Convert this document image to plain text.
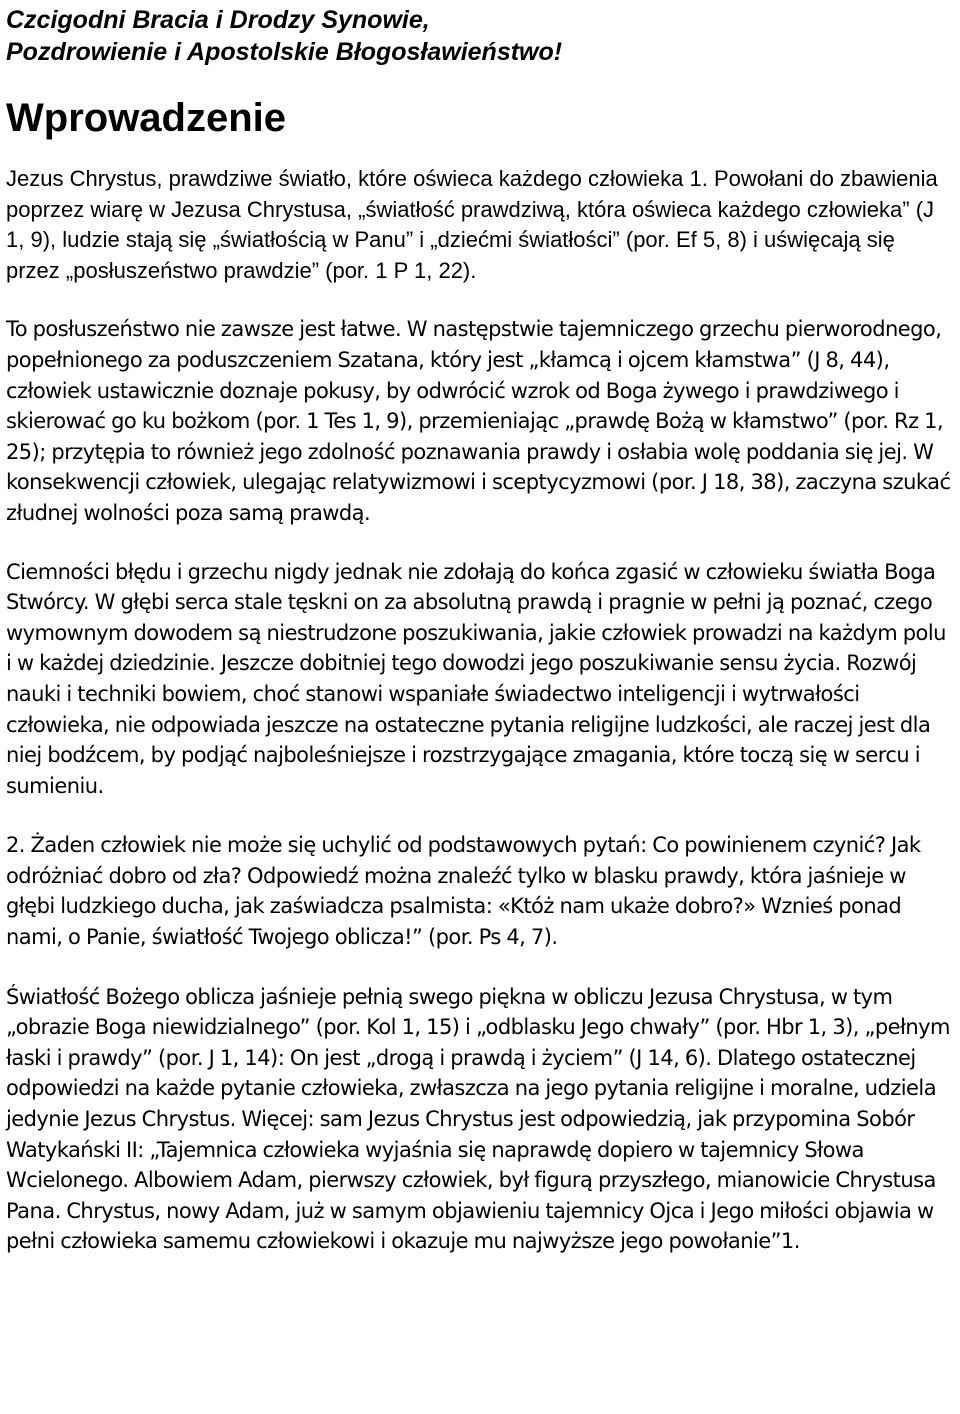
Czcigodni Bracia i Drodzy Synowie,
Pozdrowienie i Apostolskie Błogosławieństwo!

Wprowadzenie

Jezus Chrystus, prawdziwe światło, które oświeca każdego człowieka 1. Powołani do zbawienia poprzez wiarę w Jezusa Chrystusa, „światłość prawdziwą, która oświeca każdego człowieka” (J 1, 9), ludzie stają się „światłością w Panu” i „dziećmi światłości” (por. Ef 5, 8) i uświęcają się przez „posłuszeństwo prawdzie” (por. 1 P 1, 22).

To posłuszeństwo nie zawsze jest łatwe. W następstwie tajemniczego grzechu pierworodnego, popełnionego za poduszczeniem Szatana, który jest „kłamcą i ojcem kłamstwa” (J 8, 44), człowiek ustawicznie doznaje pokusy, by odwrócić wzrok od Boga żywego i prawdziwego i skierować go ku bożkom (por. 1 Tes 1, 9), przemieniając „prawdę Bożą w kłamstwo” (por. Rz 1, 25); przytępia to również jego zdolność poznawania prawdy i osłabia wolę poddania się jej. W konsekwencji człowiek, ulegając relatywizmowi i sceptycyzmowi (por. J 18, 38), zaczyna szukać złudnej wolności poza samą prawdą.

Ciemności błędu i grzechu nigdy jednak nie zdołają do końca zgasić w człowieku światła Boga Stwórcy. W głębi serca stale tęskni on za absolutną prawdą i pragnie w pełni ją poznać, czego wymownym dowodem są niestrudzone poszukiwania, jakie człowiek prowadzi na każdym polu i w każdej dziedzinie. Jeszcze dobitniej tego dowodzi jego poszukiwanie sensu życia. Rozwój nauki i techniki bowiem, choć stanowi wspaniałe świadectwo inteligencji i wytrwałości człowieka, nie odpowiada jeszcze na ostateczne pytania religijne ludzkości, ale raczej jest dla niej bodźcem, by podjąć najboleśniejsze i rozstrzygające zmagania, które toczą się w sercu i sumieniu.

2. Żaden człowiek nie może się uchylić od podstawowych pytań: Co powinienem czynić? Jak odróżniać dobro od zła? Odpowiedź można znaleźć tylko w blasku prawdy, która jaśnieje w głębi ludzkiego ducha, jak zaświadcza psalmista: «Któż nam ukaże dobro?» Wznieś ponad nami, o Panie, światłość Twojego oblicza!” (por. Ps 4, 7).

Światłość Bożego oblicza jaśnieje pełnią swego piękna w obliczu Jezusa Chrystusa, w tym „obrazie Boga niewidzialnego” (por. Kol 1, 15) i „odblasku Jego chwały” (por. Hbr 1, 3), „pełnym łaski i prawdy” (por. J 1, 14): On jest „drogą i prawdą i życiem” (J 14, 6). Dlatego ostatecznej odpowiedzi na każde pytanie człowieka, zwłaszcza na jego pytania religijne i moralne, udziela jedynie Jezus Chrystus. Więcej: sam Jezus Chrystus jest odpowiedzią, jak przypomina Sobór Watykański II: „Tajemnica człowieka wyjaśnia się naprawdę dopiero w tajemnicy Słowa Wcielonego. Albowiem Adam, pierwszy człowiek, był figurą przyszłego, mianowicie Chrystusa Pana. Chrystus, nowy Adam, już w samym objawieniu tajemnicy Ojca i Jego miłości objawia w pełni człowieka samemu człowiekowi i okazuje mu najwyższe jego powołanie”1.
